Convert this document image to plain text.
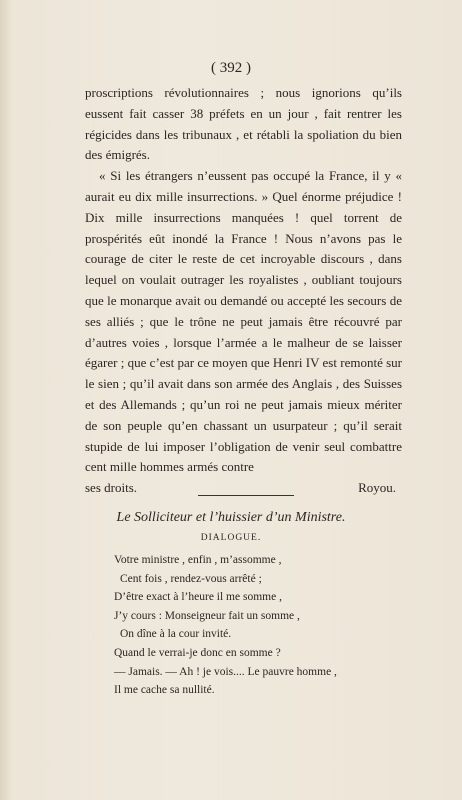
( 392 )

proscriptions révolutionnaires ; nous ignorions qu’ils eussent fait casser 38 préfets en un jour , fait rentrer les régicides dans les tribunaux , et rétabli la spoliation du bien des émigrés.

« Si les étrangers n’eussent pas occupé la France, il y « aurait eu dix mille insurrections. » Quel énorme préjudice ! Dix mille insurrections manquées ! quel torrent de prospérités eût inondé la France ! Nous n’avons pas le courage de citer le reste de cet incroyable discours , dans lequel on voulait outrager les royalistes , oubliant toujours que le monarque avait ou demandé ou accepté les secours de ses alliés ; que le trône ne peut jamais être récouvré par d’autres voies , lorsque l’armée a le malheur de se laisser égarer ; que c’est par ce moyen que Henri IV est remonté sur le sien ; qu’il avait dans son armée des Anglais , des Suisses et des Allemands ; qu’un roi ne peut jamais mieux mériter de son peuple qu’en chassant un usurpateur ; qu’il serait stupide de lui imposer l’obligation de venir seul combattre cent mille hommes armés contre

ses droits.	Royou.
Le Solliciteur et l’huissier d’un Ministre.
DIALOGUE.
Votre ministre , enfin , m’assomme ,
Cent fois , rendez-vous arrêté ;
D’être exact à l’heure il me somme ,
J’y cours : Monseigneur fait un somme ,
On dîne à la cour invité.
Quand le verrai-je donc en somme ?
— Jamais. — Ah ! je vois.... Le pauvre homme ,
Il me cache sa nullité.
